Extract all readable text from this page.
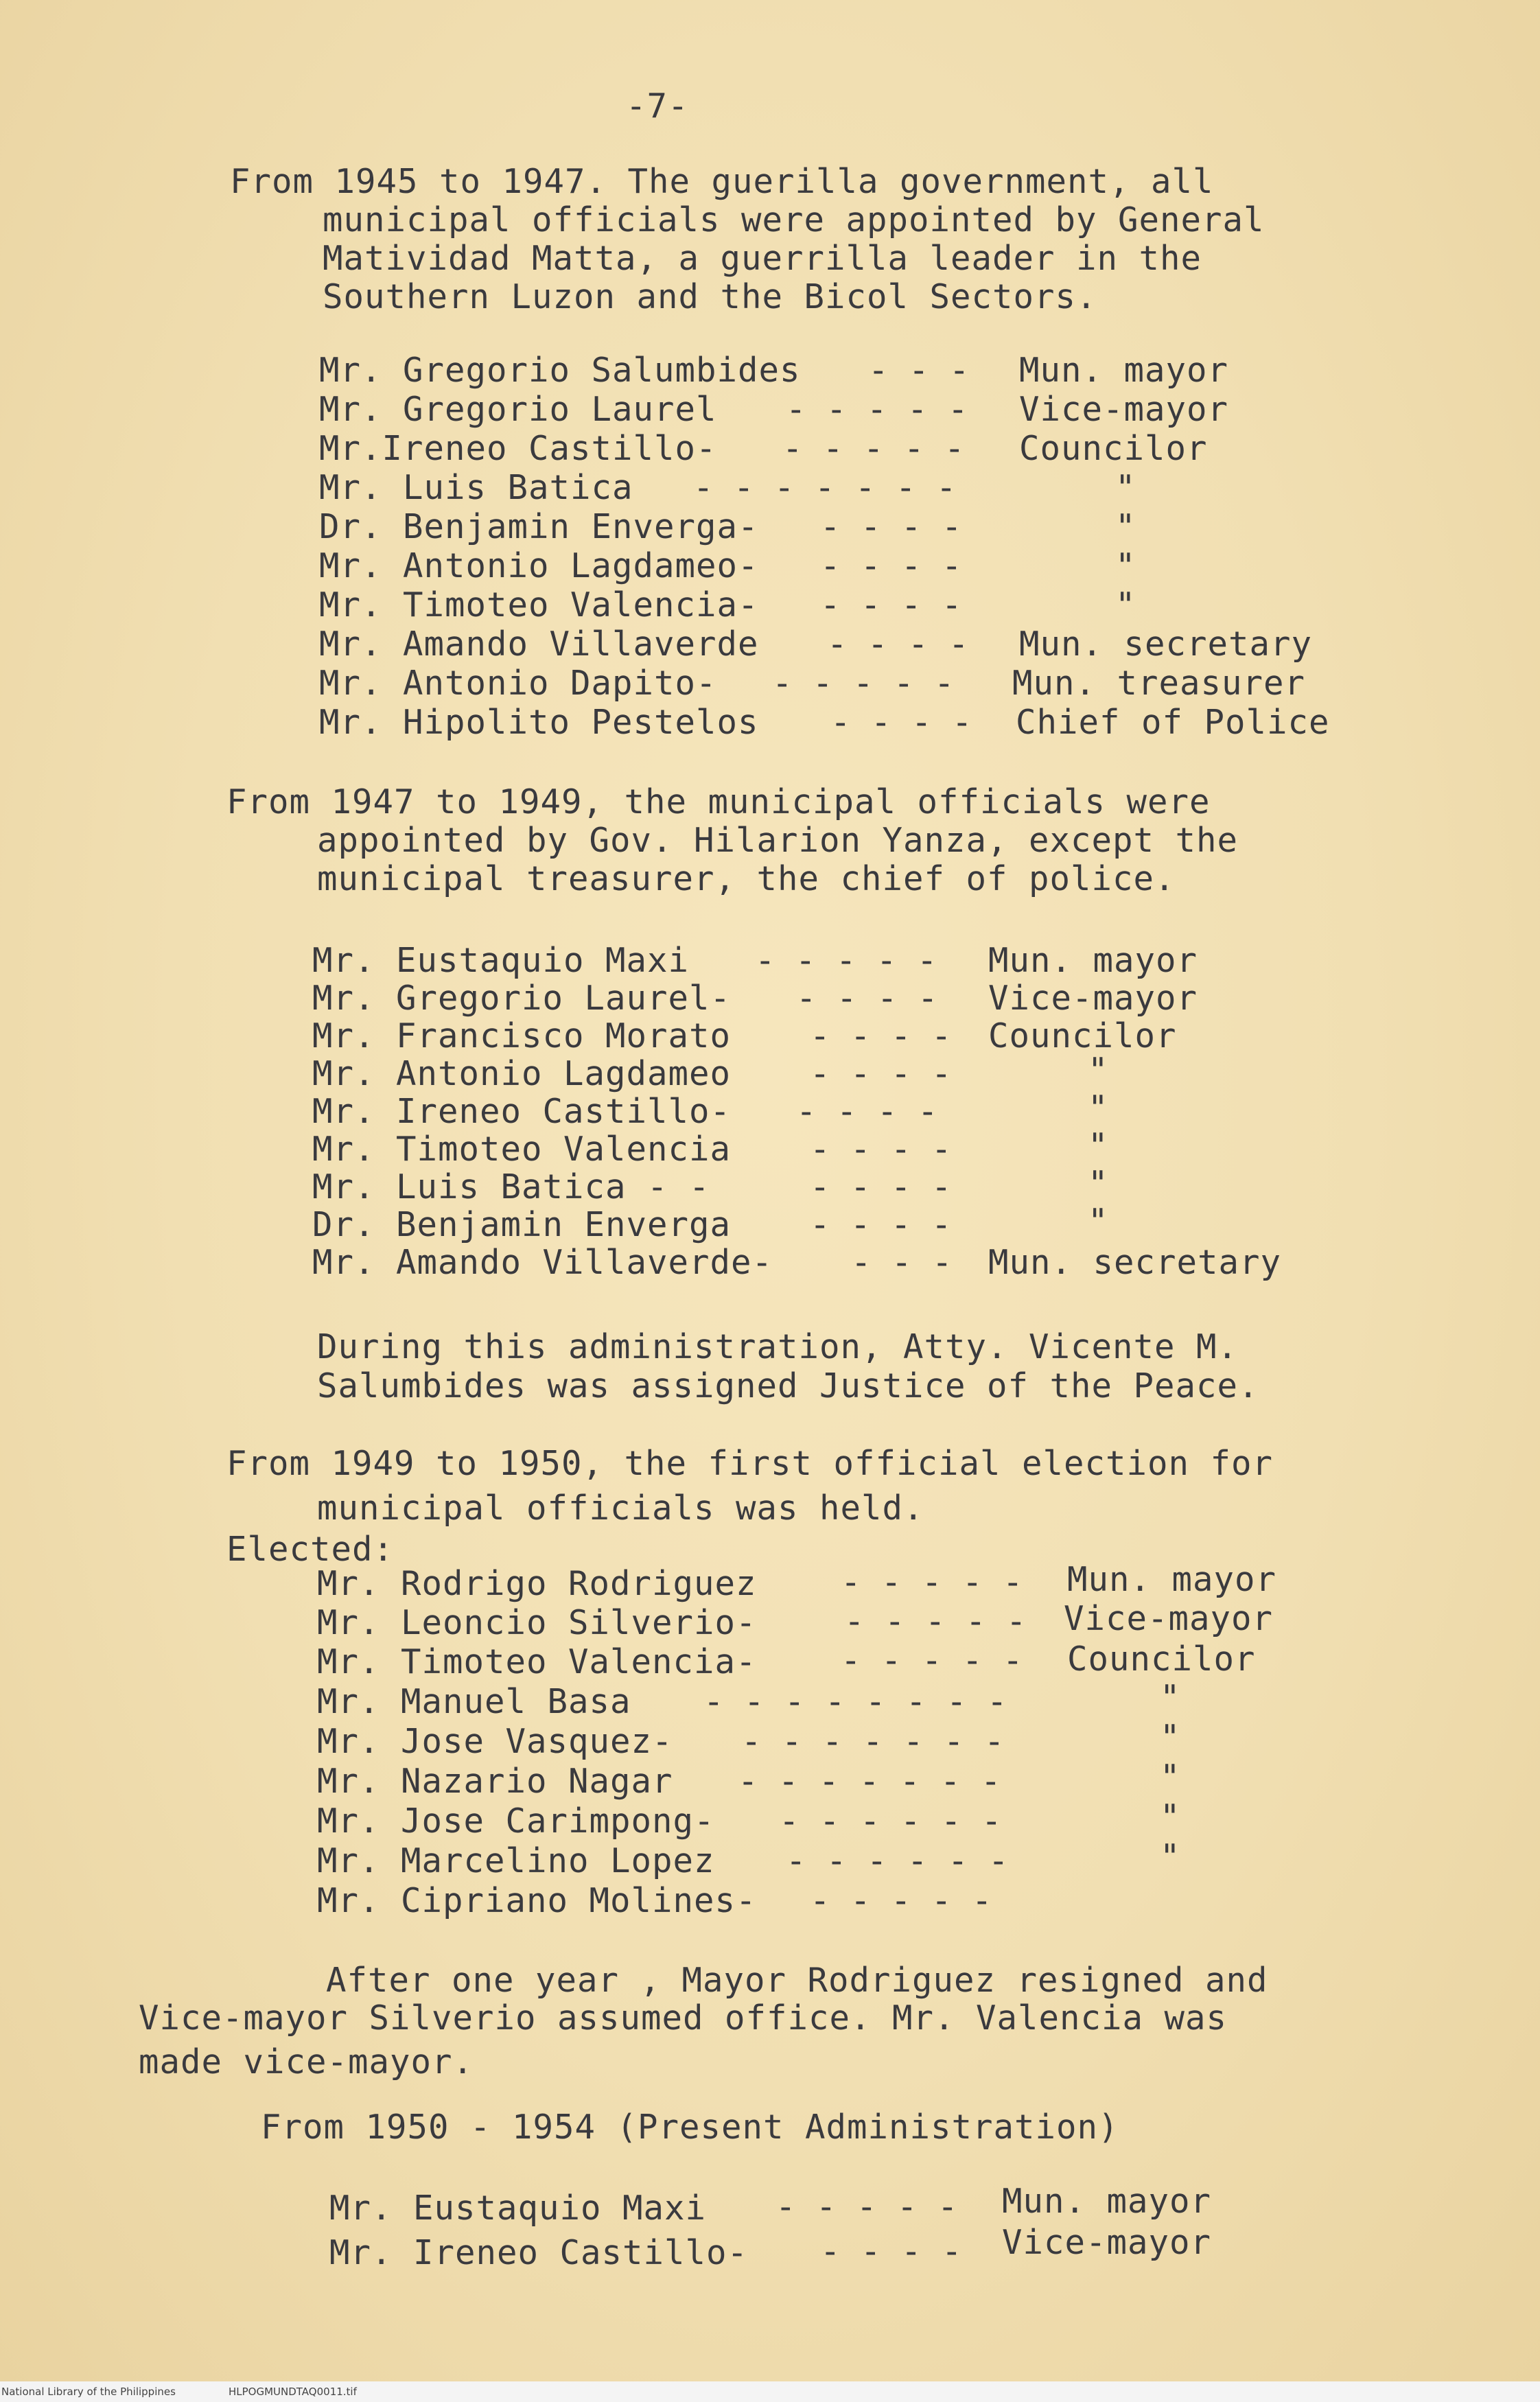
-7-
From 1945 to 1947. The guerilla government, all
municipal officials were appointed by General
Matividad Matta, a guerrilla leader in the
Southern Luzon and the Bicol Sectors.
Mr. Gregorio Salumbides - - - Mun. mayor
Mr. Gregorio Laurel - - - - - Vice-mayor
Mr.Ireneo Castillo- - - - - - Councilor
Mr. Luis Batica - - - - - - -	"
Dr. Benjamin Enverga- - - - -	"
Mr. Antonio Lagdameo- - - - -	"
Mr. Timoteo Valencia- - - - -	"
Mr. Amando Villaverde - - - - Mun. secretary
Mr. Antonio Dapito- - - - - - Mun. treasurer
Mr. Hipolito Pestelos - - - - Chief of Police
From 1947 to 1949, the municipal officials were
appointed by Gov. Hilarion Yanza, except the
municipal treasurer, the chief of police.
Mr. Eustaquio Maxi - - - - - Mun. mayor
Mr. Gregorio Laurel- - - - - Vice-mayor
Mr. Francisco Morato - - - - Councilor
Mr. Antonio Lagdameo - - - -	"
Mr. Ireneo Castillo- - - - -	"
Mr. Timoteo Valencia - - - -	"
Mr. Luis Batica - -	- - - -	"
Dr. Benjamin Enverga - - - -	"
Mr. Amando Villaverde- - - - Mun. secretary
During this administration, Atty. Vicente M.
Salumbides was assigned Justice of the Peace.
From 1949 to 1950, the first official election for
municipal officials was held.
Elected:
Mr. Rodrigo Rodriguez - - - - - Mun. mayor
Mr. Leoncio Silverio-	- - - - - Vice-mayor
Mr. Timoteo Valencia- - - - - - Councilor
Mr. Manuel Basa - - - - - - - -	"
Mr. Jose Vasquez- - - - - - - -	"
Mr. Nazario Nagar - - - - - - -	"
Mr. Jose Carimpong- - - - - - -	"
Mr. Marcelino Lopez - - - - - -	"
Mr. Cipriano Molines- - - - - -
After one year , Mayor Rodriguez resigned and
Vice-mayor Silverio assumed office. Mr. Valencia was
made vice-mayor.
From 1950 - 1954 (Present Administration)
Mr. Eustaquio Maxi - - - - - Mun. mayor
Mr. Ireneo Castillo- - - - - Vice-mayor
National Library of the Philippines	HLPOGMUNDTAQ0011.tif
